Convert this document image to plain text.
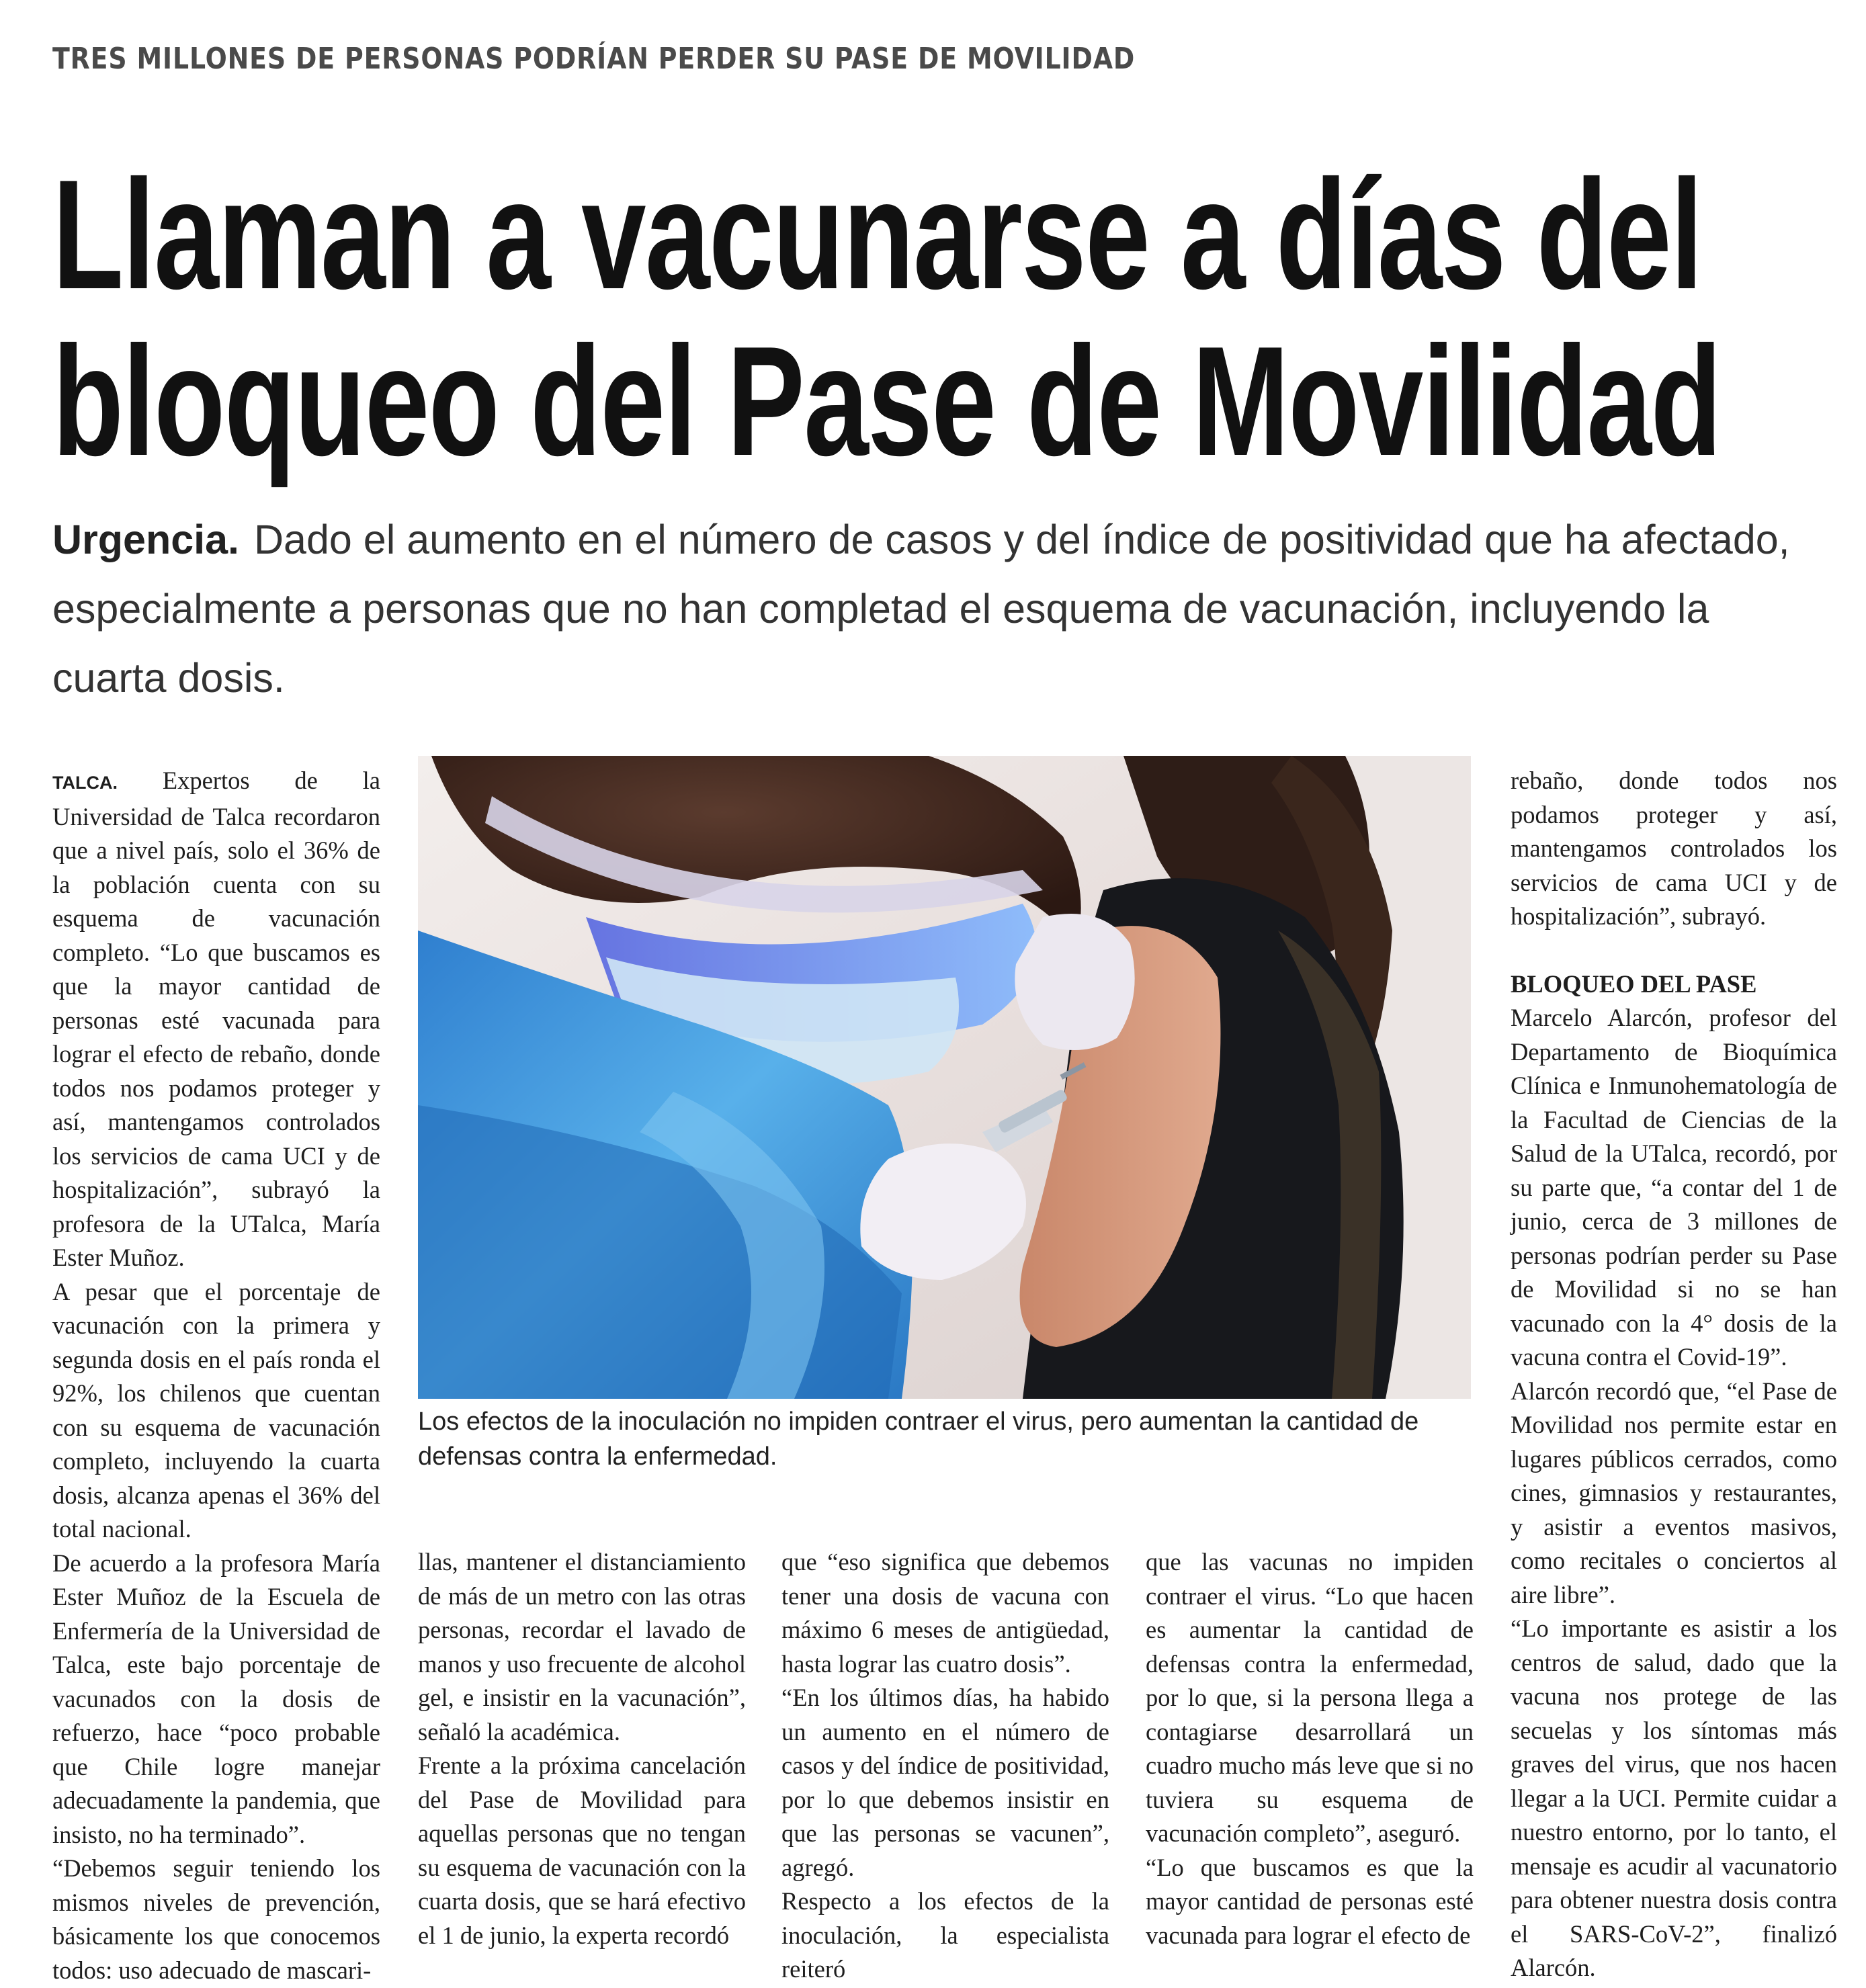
TRES MILLONES DE PERSONAS PODRÍAN PERDER SU PASE DE MOVILIDAD
Llaman a vacunarse a días del
bloqueo del Pase de Movilidad
Urgencia. Dado el aumento en el número de casos y del índice de positividad que ha afectado, especialmente a personas que no han completad el esquema de vacunación, incluyendo la cuarta dosis.
Los efectos de la inoculación no impiden contraer el virus, pero aumentan la cantidad de defensas contra la enfermedad.

TALCA. Expertos de la Universidad de Talca recordaron que a nivel país, solo el 36% de la población cuenta con su esquema de vacunación completo. “Lo que buscamos es que la mayor cantidad de personas esté vacunada para lograr el efecto de rebaño, donde todos nos podamos proteger y así, mantengamos controlados los servicios de cama UCI y de hospitalización”, subrayó la profesora de la UTalca, María Ester Muñoz.

A pesar que el porcentaje de vacunación con la primera y segunda dosis en el país ronda el 92%, los chilenos que cuentan con su esquema de vacunación completo, incluyendo la cuarta dosis, alcanza apenas el 36% del total nacional.

De acuerdo a la profesora María Ester Muñoz de la Escuela de Enfermería de la Universidad de Talca, este bajo porcentaje de vacunados con la dosis de refuerzo, hace “poco probable que Chile logre manejar adecuadamente la pandemia, que insisto, no ha terminado”.

“Debemos seguir teniendo los mismos niveles de prevención, básicamente los que conocemos todos: uso adecuado de mascari-

llas, mantener el distanciamiento de más de un metro con las otras personas, recordar el lavado de manos y uso frecuente de alcohol gel, e insistir en la vacunación”, señaló la académica.

Frente a la próxima cancelación del Pase de Movilidad para aquellas personas que no tengan su esquema de vacunación con la cuarta dosis, que se hará efectivo el 1 de junio, la experta recordó

que “eso significa que debemos tener una dosis de vacuna con máximo 6 meses de antigüedad, hasta lograr las cuatro dosis”.

“En los últimos días, ha habido un aumento en el número de casos y del índice de positividad, por lo que debemos insistir en que las personas se vacunen”, agregó.

Respecto a los efectos de la inoculación, la especialista reiteró

que las vacunas no impiden contraer el virus. “Lo que hacen es aumentar la cantidad de defensas contra la enfermedad, por lo que, si la persona llega a contagiarse desarrollará un cuadro mucho más leve que si no tuviera su esquema de vacunación completo”, aseguró.

“Lo que buscamos es que la mayor cantidad de personas esté vacunada para lograr el efecto de

rebaño, donde todos nos podamos proteger y así, mantengamos controlados los servicios de cama UCI y de hospitalización”, subrayó.

BLOQUEO DEL PASE

Marcelo Alarcón, profesor del Departamento de Bioquímica Clínica e Inmunohematología de la Facultad de Ciencias de la Salud de la UTalca, recordó, por su parte que, “a contar del 1 de junio, cerca de 3 millones de personas podrían perder su Pase de Movilidad si no se han vacunado con la 4° dosis de la vacuna contra el Covid-19”.

Alarcón recordó que, “el Pase de Movilidad nos permite estar en lugares públicos cerrados, como cines, gimnasios y restaurantes, y asistir a eventos masivos, como recitales o conciertos al aire libre”.

“Lo importante es asistir a los centros de salud, dado que la vacuna nos protege de las secuelas y los síntomas más graves del virus, que nos hacen llegar a la UCI. Permite cuidar a nuestro entorno, por lo tanto, el mensaje es acudir al vacunatorio para obtener nuestra dosis contra el SARS-CoV-2”, finalizó Alarcón.
